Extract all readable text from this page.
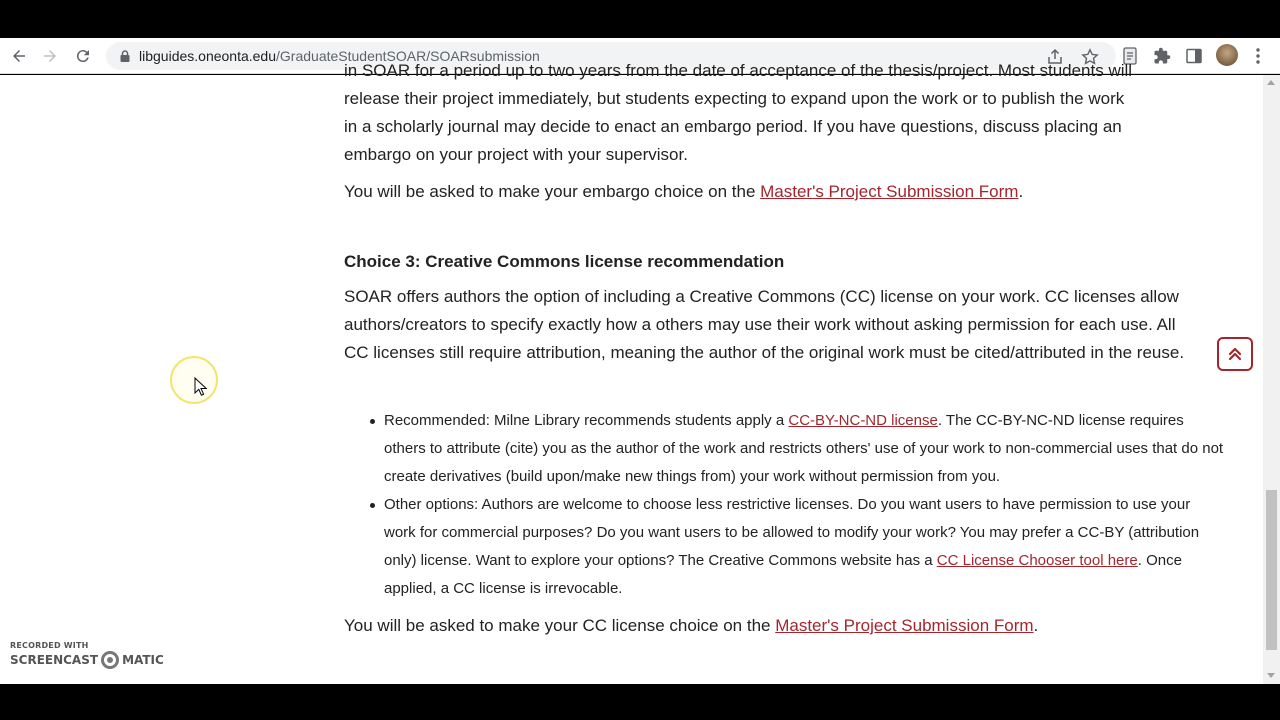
libguides.oneonta.edu/GraduateStudentSOAR/SOARsubmission
in SOAR for a period up to two years from the date of acceptance of the thesis/project. Most students will
release their project immediately, but students expecting to expand upon the work or to publish the work
in a scholarly journal may decide to enact an embargo period. If you have questions, discuss placing an
embargo on your project with your supervisor.
You will be asked to make your embargo choice on the Master's Project Submission Form.
Choice 3: Creative Commons license recommendation
SOAR offers authors the option of including a Creative Commons (CC) license on your work. CC licenses allow authors/creators to specify exactly how a others may use their work without asking permission for each use. All CC licenses still require attribution, meaning the author of the original work must be cited/attributed in the reuse.
Recommended: Milne Library recommends students apply a CC-BY-NC-ND license. The CC-BY-NC-ND license requires others to attribute (cite) you as the author of the work and restricts others' use of your work to non-commercial uses that do not create derivatives (build upon/make new things from) your work without permission from you.
Other options: Authors are welcome to choose less restrictive licenses. Do you want users to have permission to use your work for commercial purposes? Do you want users to be allowed to modify your work? You may prefer a CC-BY (attribution only) license. Want to explore your options? The Creative Commons website has a CC License Chooser tool here. Once applied, a CC license is irrevocable.
You will be asked to make your CC license choice on the Master's Project Submission Form.
RECORDED WITH
SCREENCAST MATIC
